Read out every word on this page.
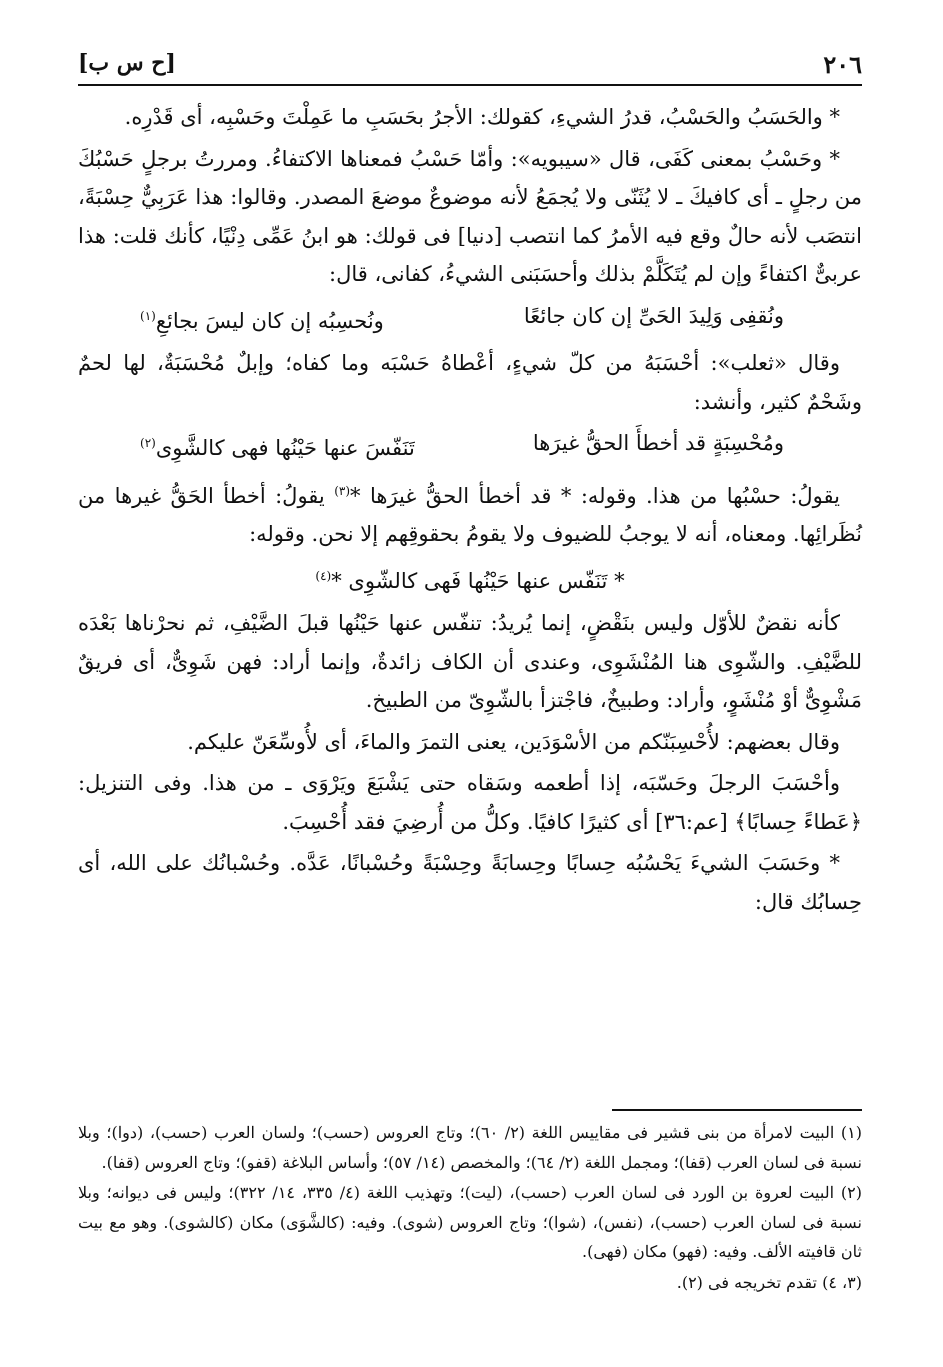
٢٠٦
[ح س ب]

* والحَسَبُ والحَسْبُ، قدرُ الشيءِ، كقولك: الأجرُ بحَسَبِ ما عَمِلْتَ وحَسْبِه، أى قَدْرِه.

* وحَسْبُ بمعنى كَفَى، قال «سيبويه»: وأمّا حَسْبُ فمعناها الاكتفاءُ. ومررتُ برجلٍ حَسْبُكَ من رجلٍ ـ أى كافيكَ ـ لا يُثَنّى ولا يُجمَعُ لأنه موضوعٌ موضعَ المصدر. وقالوا: هذا عَرَبِيٌّ حِسْبَةً، انتصَب لأنه حالٌ وقع فيه الأمرُ كما انتصب [دنيا] فى قولك: هو ابنُ عَمِّى دِنْيًا، كأنك قلت: هذا عربىٌّ اكتفاءً وإن لم يُتَكَلَّمْ بذلك وأحسَبَنى الشيءُ، كفانى، قال:

ونُقفِى وَلِيدَ الحَىِّ إن كان جائعًا
ونُحسِبُه إن كان ليسَ بجائعِ$^{(١)}$

وقال «ثعلب»: أحْسَبَهُ من كلّ شيءٍ، أعْطاهُ حَسْبَه وما كفاه؛ وإبلٌ مُحْسَبَةٌ، لها لحمٌ وشَحْمٌ كثير، وأنشد:

ومُحْسِبَةٍ قد أخطأَ الحقُّ غيرَها
تَنَفّسَ عنها حَيْنُها فهى كالشَّوِى$^{(٢)}$

يقولُ: حسْبُها من هذا. وقوله: * قد أخطأ الحقُّ غيرَها *$^{(٣)}$ يقولُ: أخطأ الحَقُّ غيرها من نُظَرائِها. ومعناه، أنه لا يوجبُ للضيوف ولا يقومُ بحقوقِهم إلا نحن. وقوله:

* تَنَفّس عنها حَيْنُها فَهى كالشّوِى *$^{(٤)}$

كأنه نقضٌ للأوّل وليس بنَقْضٍ، إنما يُريدُ: تنفّس عنها حَيْنُها قبلَ الضَّيْفِ، ثم نحرْناها بَعْدَه للضَّيْفِ. والشّوِى هنا المُنْشَوِى، وعندى أن الكاف زائدةٌ، وإنما أراد: فهن شَوِىٌّ، أى فريقٌ مَشْوِىٌّ أوْ مُنْشَوٍ، وأراد: وطبيخٌ، فاجْتزأ بالشّوِىّ من الطبيخ.

وقال بعضهم: لأُحْسِبَنّكم من الأسْوَدَين، يعنى التمرَ والماءَ، أى لأُوسِّعَنّ عليكم.

وأحْسَبَ الرجلَ وحَسّبَه، إذا أطعمه وسَقاه حتى يَشْبَعَ ويَرْوَى ـ من هذا. وفى التنزيل: ﴿عَطاءً حِسابًا﴾ [عم:٣٦] أى كثيرًا كافيًا. وكلُّ من أُرضِيَ فقد أُحْسِبَ.

* وحَسَبَ الشيءَ يَحْسُبُه حِسابًا وحِسابَةً وحِسْبَةً وحُسْبانًا، عَدَّه. وحُسْبانُك على الله، أى حِسابُك قال:

(١) البيت لامرأة من بنى قشير فى مقاييس اللغة (٢/ ٦٠)؛ وتاج العروس (حسب)؛ ولسان العرب (حسب)، (دوا)؛ وبلا نسبة فى لسان العرب (قفا)؛ ومجمل اللغة (٢/ ٦٤)؛ والمخصص (١٤/ ٥٧)؛ وأساس البلاغة (قفو)؛ وتاج العروس (قفا).

(٢) البيت لعروة بن الورد فى لسان العرب (حسب)، (ليت)؛ وتهذيب اللغة (٤/ ٣٣٥، ١٤/ ٣٢٢)؛ وليس فى ديوانه؛ وبلا نسبة فى لسان العرب (حسب)، (نفس)، (شوا)؛ وتاج العروس (شوى). وفيه: (كالشَّوَى) مكان (كالشوى). وهو مع بيت ثان قافيته الألف. وفيه: (فهو) مكان (فهى).

(٣، ٤) تقدم تخريجه فى (٢).
